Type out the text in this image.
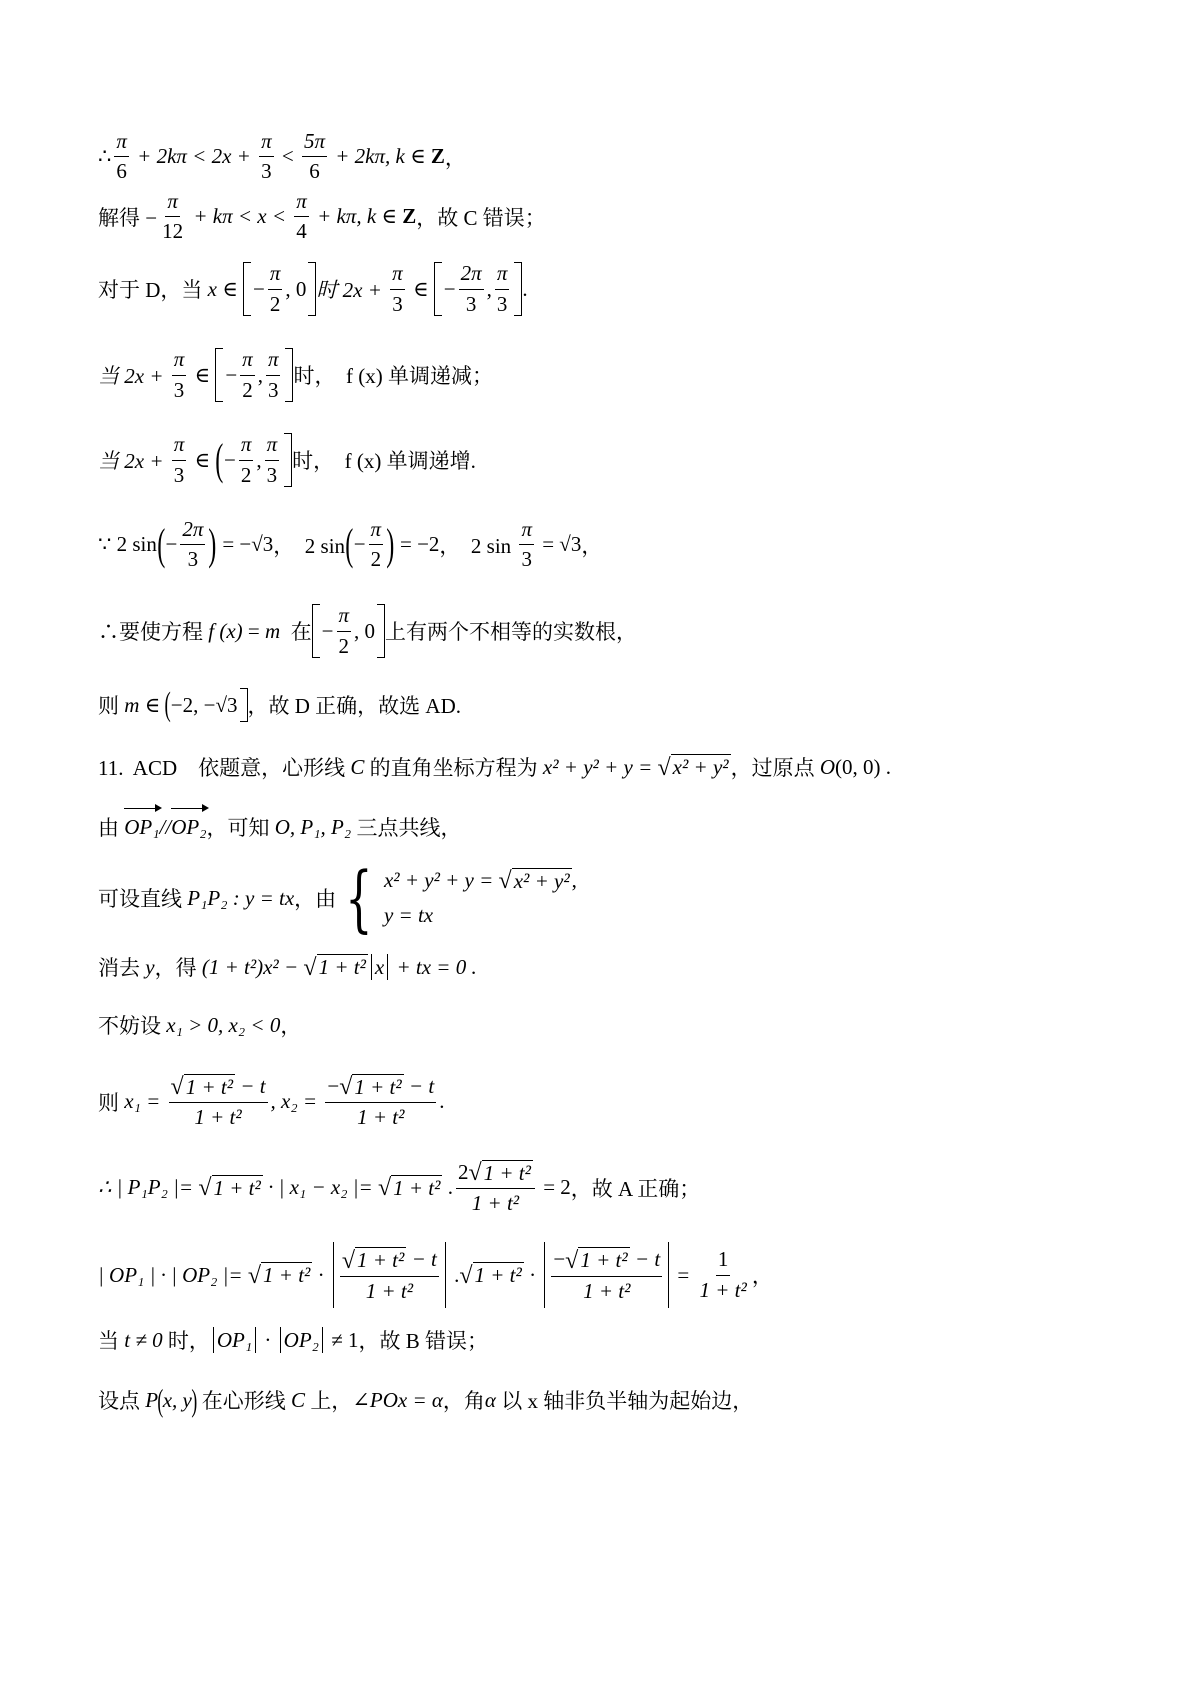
∴
π
6
+ $2k\pi < 2x + \frac{\pi}{3}$ <
5π
6
+ 2kπ, k ∈ Z ，
解得 − $\frac{\pi}{12} + k\pi < x$ <
π
4
+ kπ, k ∈ Z ，故 C 错误；
对于 D，当 x ∈ − $\frac{\pi}{2}$ , 0 时 $2x + \frac{\pi}{3}$ ∈ − $\frac{2\pi}{3}$ ,
π
3
.
当 $2x + \frac{\pi}{3}$ ∈ − $\frac{\pi}{2}$ ,
π
3
时，  f (x) 单调递减；
当 $2x + \frac{\pi}{3}$ ∈ ( − $\frac{\pi}{2}$ ,
π
3
时，  f (x) 单调递增.
∵ 2 sin ( − $\frac{2\pi}{3}$ ) = −√3 ，  2 sin ( − $\frac{\pi}{2}$ ) = −2 ，  2 $\sin \frac{\pi}{3} = √3$ ，
∴要使方程 f (x) = m 在 − $\frac{\pi}{2}$ , 0 上有两个不相等的实数根，
则 m ∈ ( −2, −√3 ，故 D 正确，故选 AD.
11.  ACD    依题意，心形线 C 的直角坐标方程为 x² + y² + y = √ x² + y² ，过原点 O (0, 0) .
由 OP₁ // OP₂ ，可知 O, P₁, P₂ 三点共线，
可设直线 P₁P₂ : y = tx ，由 { x² + y² + y = √ x² + y² ,
y = tx
消去 y ，得 (1 + t²)x² − √ 1 + t² x + tx = 0 .
不妨设 x₁ > 0, x₂ < 0 ，
则 $x_1 = \frac{\text{√ 1 + t² − t}}{\text{1 + t²}}$ , $x_2 = \frac{\text{− √ 1 + t² − t}}{\text{1 + t²}}$ .
∴ | P₁P₂ |= √ 1 + t² · | x₁ − x₂ |= √ 1 + t² . $\frac{\text{2 √ 1 + t²}}{\text{1 + t²}} = 2$ ，故 A 正确；
| OP₁ | · | OP₂ |= √ 1 + t² ·
√ 1 + t² − t
1 + t²
. √ 1 + t² ·
− √ 1 + t² − t
1 + t²
= $\frac{1}{\text{1 + t²}}$ ，
当 t ≠ 0 时， OP₁ · OP₂ ≠ 1 ，故 B 错误；
设点 P ( x, y ) 在心形线 C 上， ∠POx = α ，角 α 以 x 轴非负半轴为起始边，
